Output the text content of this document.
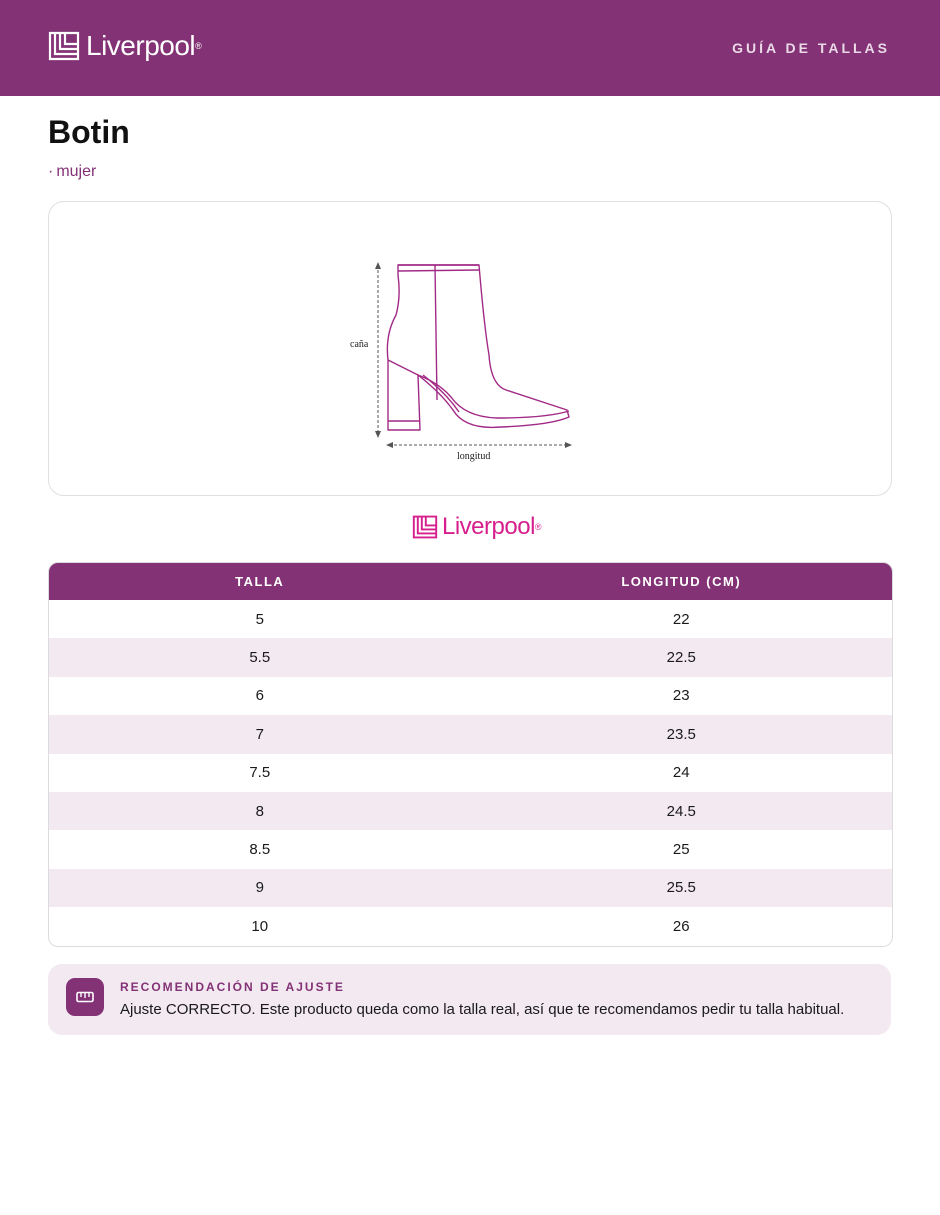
Liverpool ®	GUÍA DE TALLAS
Botin
· mujer
caña
longitud
Liverpool ®
TALLA	LONGITUD (CM)
5	22
5.5	22.5
6	23
7	23.5
7.5	24
8	24.5
8.5	25
9	25.5
10	26
RECOMENDACIÓN DE AJUSTE
Ajuste CORRECTO. Este producto queda como la talla real, así que te recomendamos pedir tu talla habitual.
